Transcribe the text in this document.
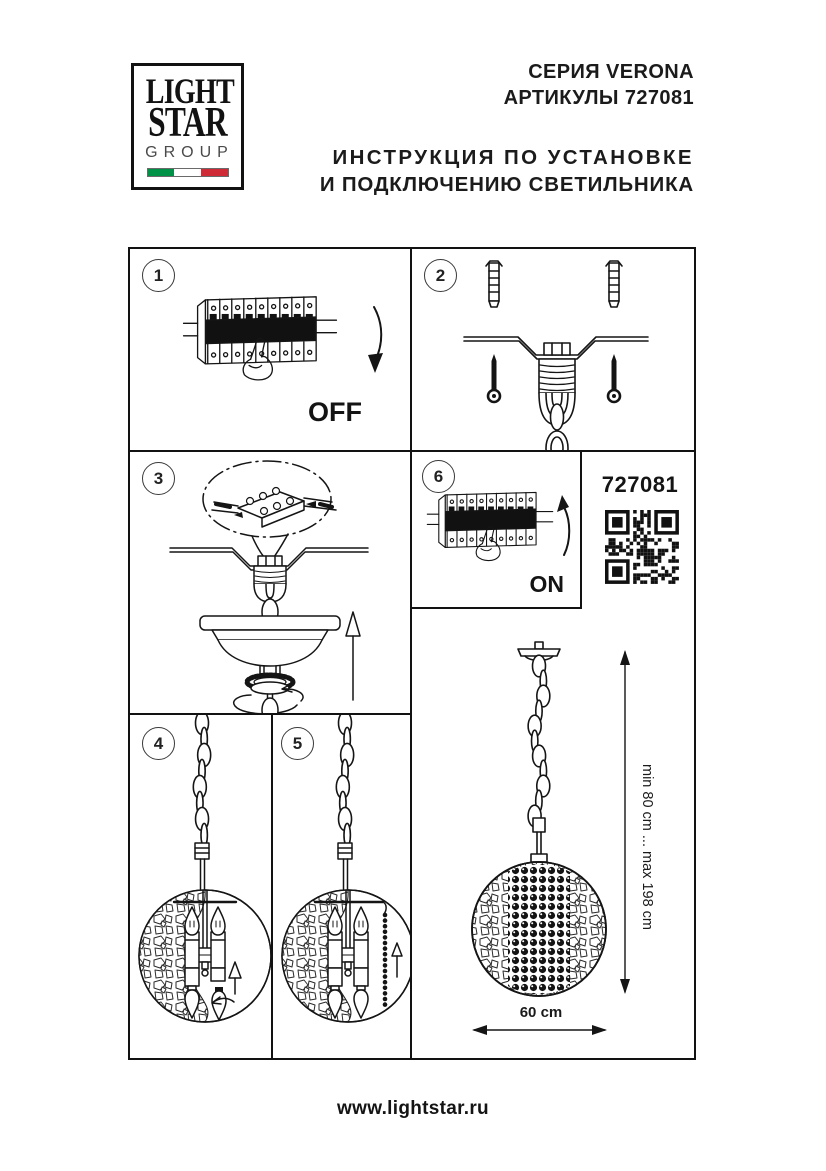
LIGHT
STAR
GROUP
СЕРИЯ VERONA
АРТИКУЛЫ 727081
ИНСТРУКЦИЯ ПО УСТАНОВКЕ
И ПОДКЛЮЧЕНИЮ СВЕТИЛЬНИКА
1
OFF
2
3
4	5
min 80 cm ... max 198 cm
60 cm
727081
6
ON
www.lightstar.ru
